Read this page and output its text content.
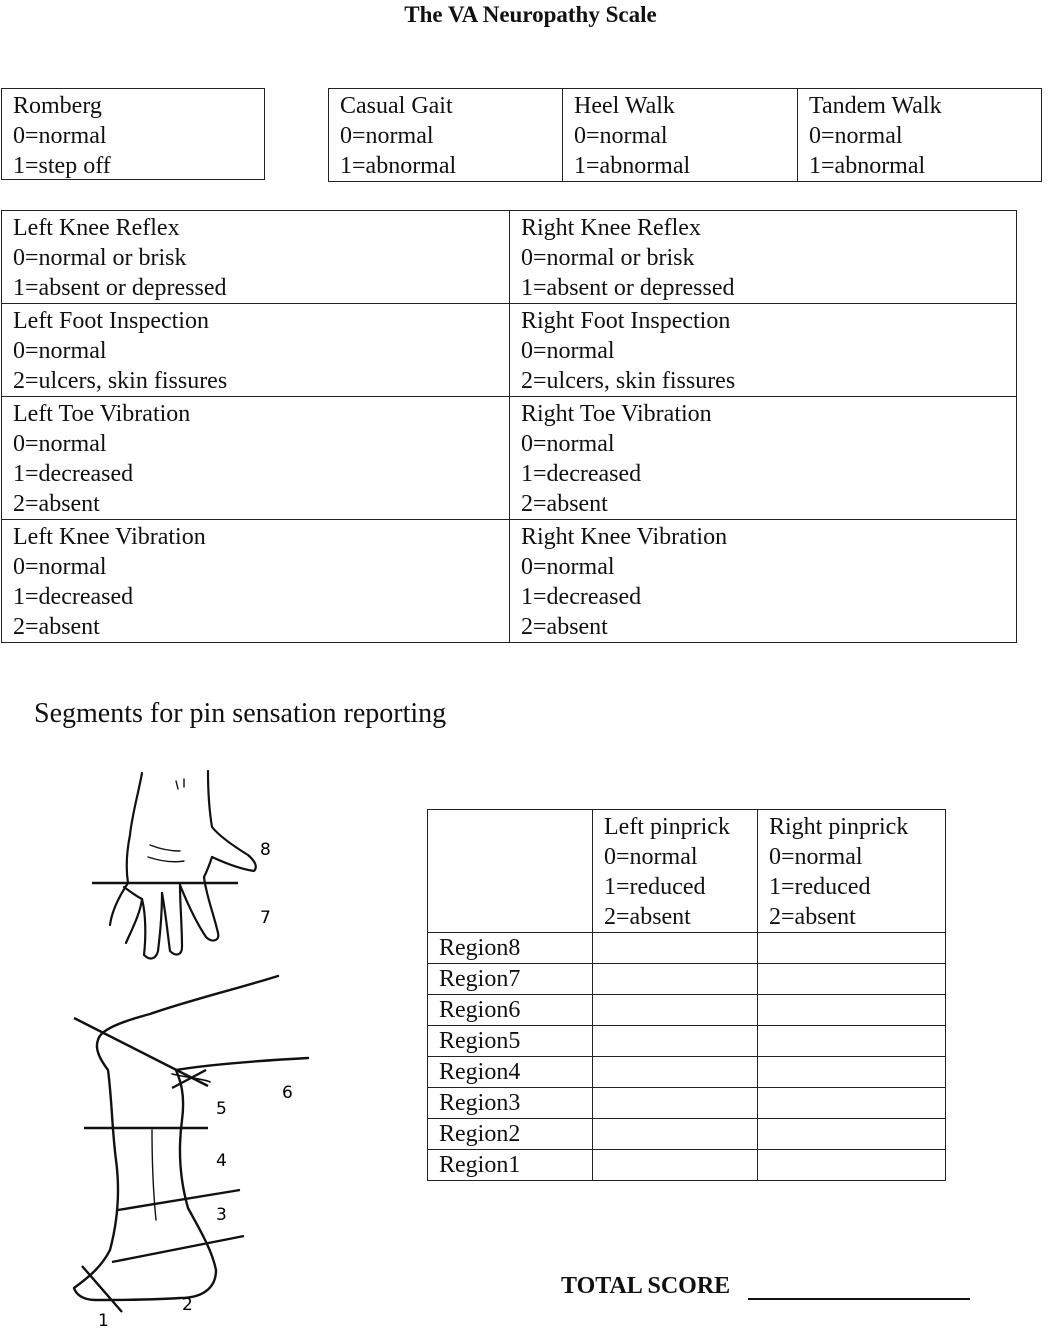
The VA Neuropathy Scale
Romberg
0=normal
1=step off
Casual Gait
0=normal
1=abnormal

Heel Walk
0=normal
1=abnormal

Tandem Walk
0=normal
1=abnormal
Left Knee Reflex
0=normal or brisk
1=absent or depressed	Right Knee Reflex
0=normal or brisk
1=absent or depressed

Left Foot Inspection
0=normal
2=ulcers, skin fissures	Right Foot Inspection
0=normal
2=ulcers, skin fissures

Left Toe Vibration
0=normal
1=decreased
2=absent	Right Toe Vibration
0=normal
1=decreased
2=absent

Left Knee Vibration
0=normal
1=decreased
2=absent	Right Knee Vibration
0=normal
1=decreased
2=absent
Segments for pin sensation reporting
8
7
6
5
4
3
2
1

	Left pinprick
0=normal
1=reduced
2=absent	Right pinprick
0=normal
1=reduced
2=absent

Region8		
Region7		
Region6		
Region5		
Region4		
Region3		
Region2		
Region1		
TOTAL SCORE
